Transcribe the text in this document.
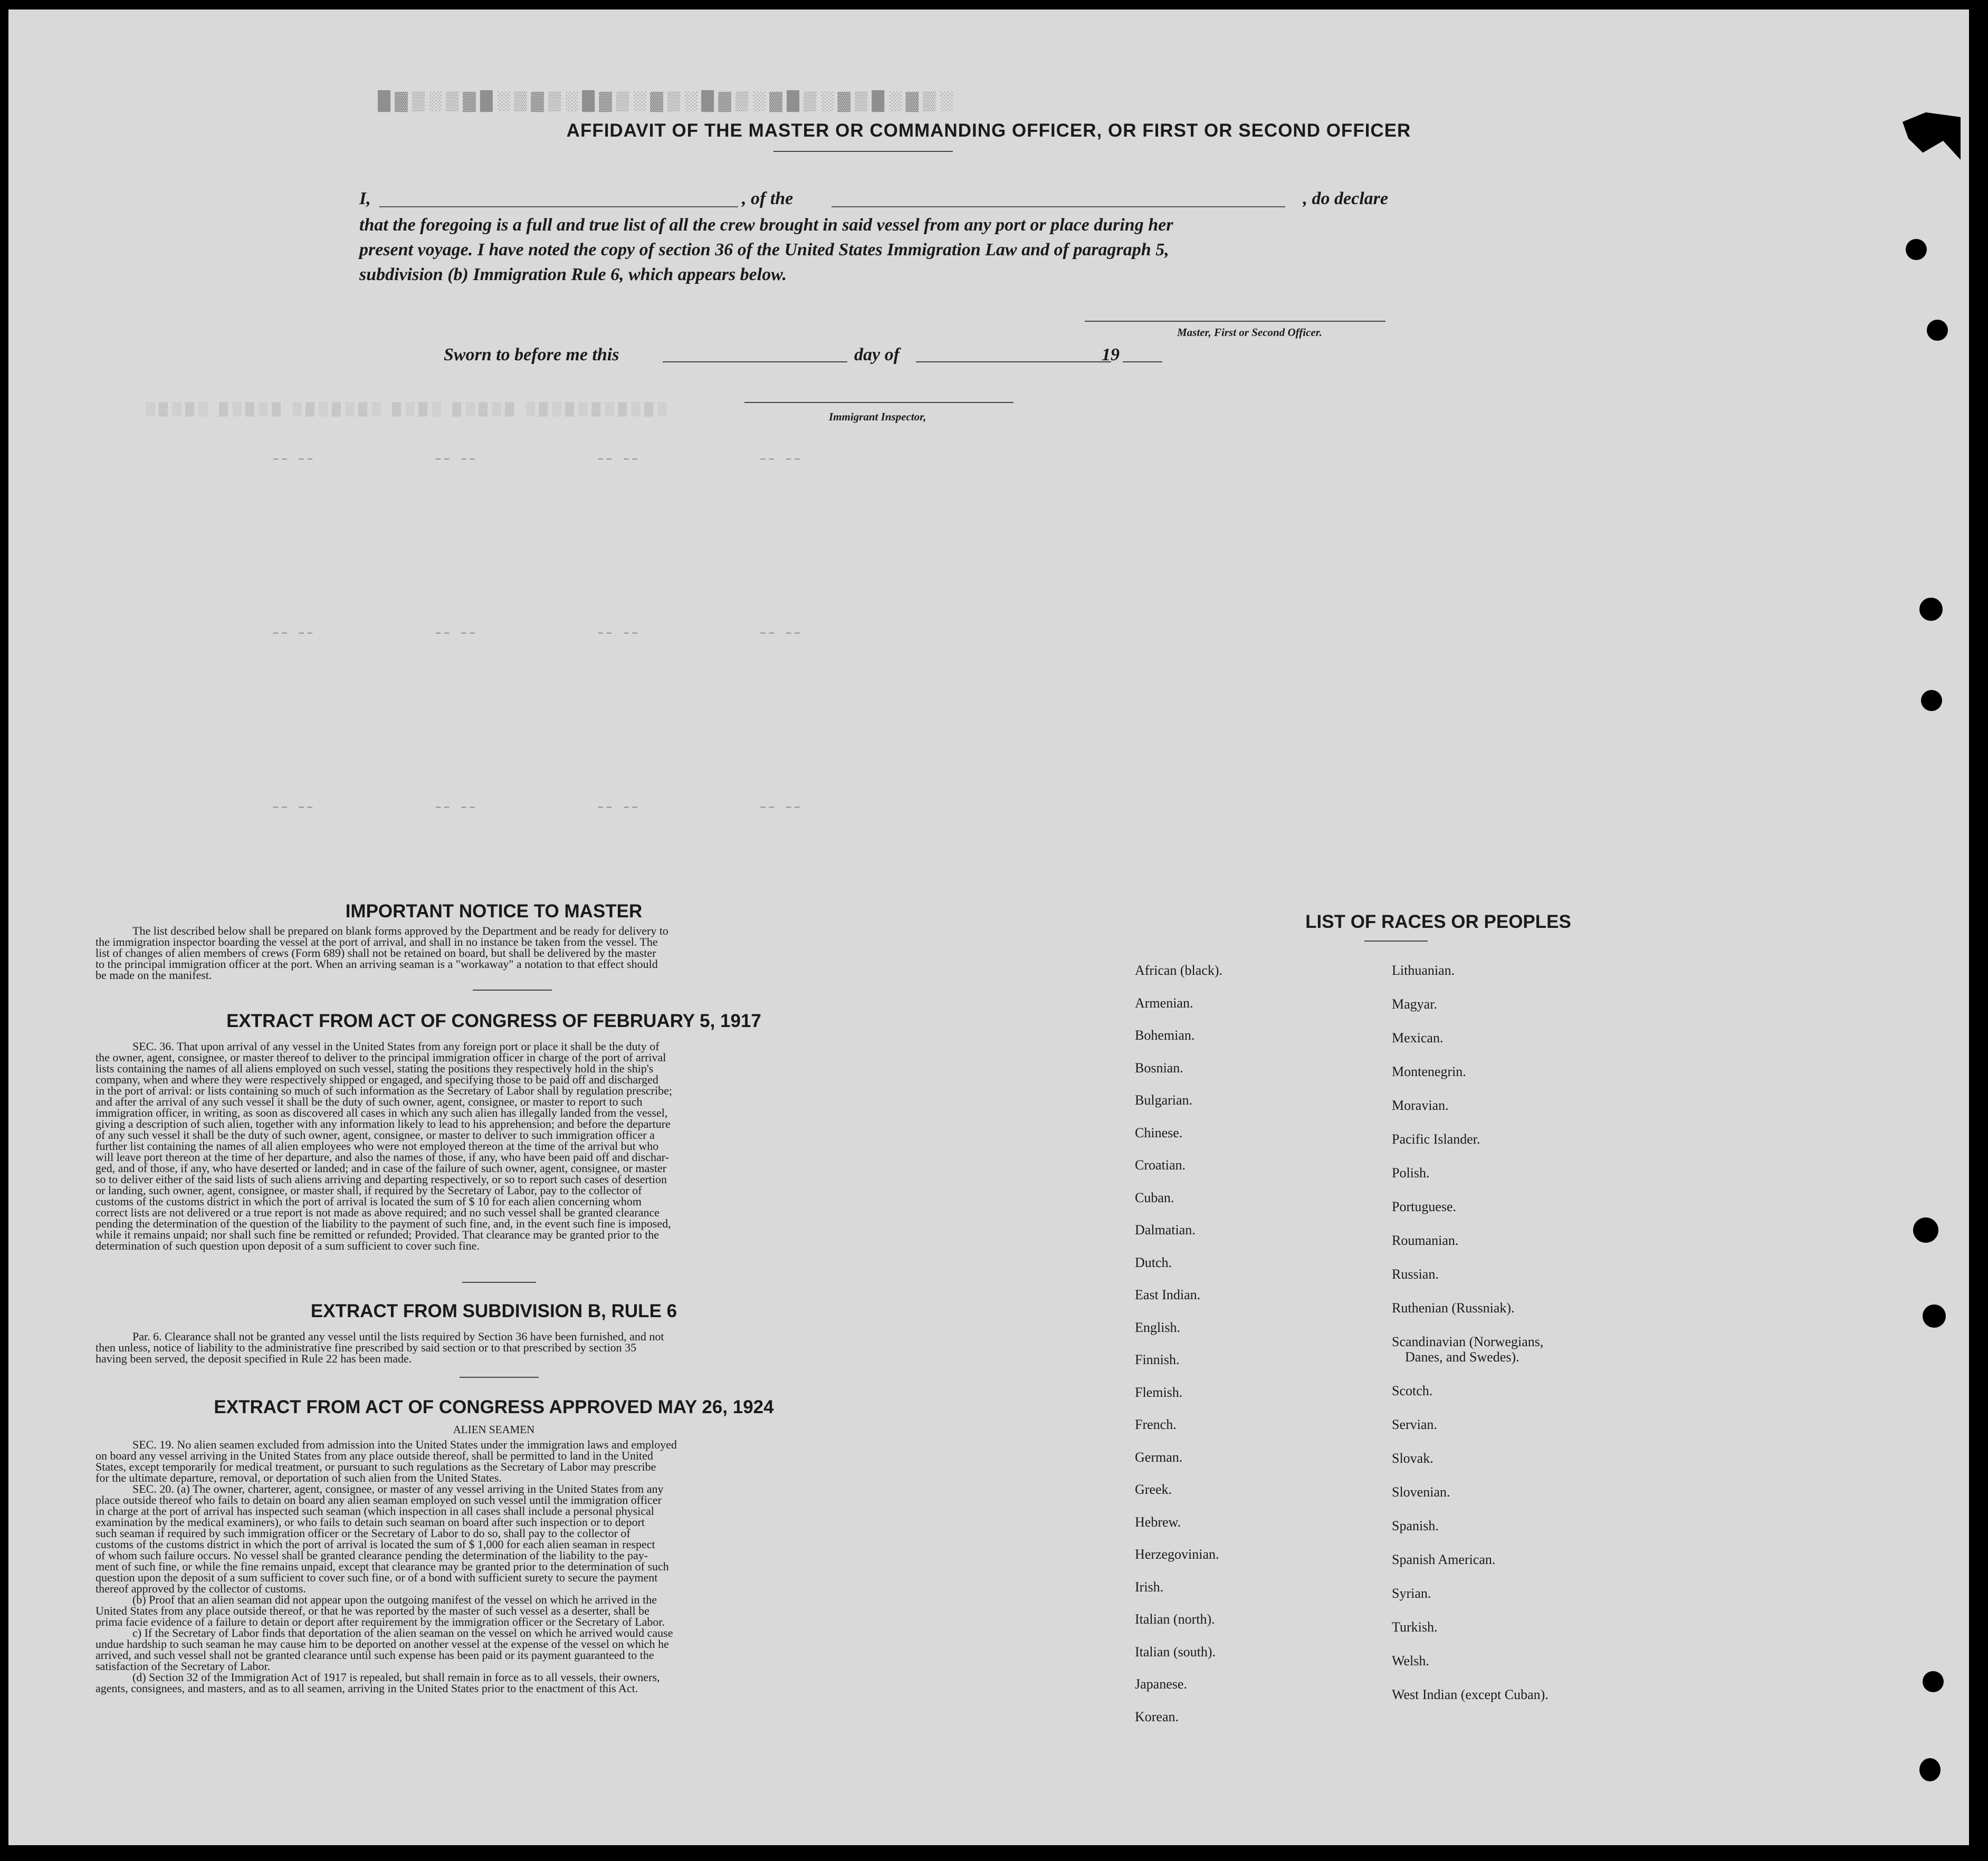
█▓▒░▒▓█░▒▓▒░█▓▒░▓▒░█▓▒░▓█▒░▓▒█░▓▒░
░▒░▒░ ▒░▒░▒ ░▒░▒░▒░ ▒░▒░ ▒░▒░▒ ░▒░▒░▒░▒░▒░
AFFIDAVIT OF THE MASTER OR COMMANDING OFFICER, OR FIRST OR SECOND OFFICER
I,	, of the	, do declare
that the foregoing is a full and true list of all the crew brought in said vessel from any port or place during her
present voyage. I have noted the copy of section 36 of the United States Immigration Law and of paragraph 5,
subdivision (b) Immigration Rule 6, which appears below.
Master, First or Second Officer.
Sworn to before me this	day of	19
Immigrant Inspector,
–– ––              –– ––              –– ––              –– ––
–– ––              –– ––              –– ––              –– ––
–– ––              –– ––              –– ––              –– ––
IMPORTANT NOTICE TO MASTER
The list described below shall be prepared on blank forms approved by the Department and be ready for delivery to
the immigration inspector boarding the vessel at the port of arrival, and shall in no instance be taken from the vessel. The
list of changes of alien members of crews (Form 689) shall not be retained on board, but shall be delivered by the master
to the principal immigration officer at the port. When an arriving seaman is a "workaway" a notation to that effect should
be made on the manifest.
EXTRACT FROM ACT OF CONGRESS OF FEBRUARY 5, 1917
SEC. 36. That upon arrival of any vessel in the United States from any foreign port or place it shall be the duty of
the owner, agent, consignee, or master thereof to deliver to the principal immigration officer in charge of the port of arrival
lists containing the names of all aliens employed on such vessel, stating the positions they respectively hold in the ship's
company, when and where they were respectively shipped or engaged, and specifying those to be paid off and discharged
in the port of arrival: or lists containing so much of such information as the Secretary of Labor shall by regulation prescribe;
and after the arrival of any such vessel it shall be the duty of such owner, agent, consignee, or master to report to such
immigration officer, in writing, as soon as discovered all cases in which any such alien has illegally landed from the vessel,
giving a description of such alien, together with any information likely to lead to his apprehension; and before the departure
of any such vessel it shall be the duty of such owner, agent, consignee, or master to deliver to such immigration officer a
further list containing the names of all alien employees who were not employed thereon at the time of the arrival but who
will leave port thereon at the time of her departure, and also the names of those, if any, who have been paid off and dischar-
ged, and of those, if any, who have deserted or landed; and in case of the failure of such owner, agent, consignee, or master
so to deliver either of the said lists of such aliens arriving and departing respectively, or so to report such cases of desertion
or landing, such owner, agent, consignee, or master shall, if required by the Secretary of Labor, pay to the collector of
customs of the customs district in which the port of arrival is located the sum of $ 10 for each alien concerning whom
correct lists are not delivered or a true report is not made as above required; and no such vessel shall be granted clearance
pending the determination of the question of the liability to the payment of such fine, and, in the event such fine is imposed,
while it remains unpaid; nor shall such fine be remitted or refunded; Provided. That clearance may be granted prior to the
determination of such question upon deposit of a sum sufficient to cover such fine.
EXTRACT FROM SUBDIVISION B, RULE 6
Par. 6. Clearance shall not be granted any vessel until the lists required by Section 36 have been furnished, and not
then unless, notice of liability to the administrative fine prescribed by said section or to that prescribed by section 35
having been served, the deposit specified in Rule 22 has been made.
EXTRACT FROM ACT OF CONGRESS APPROVED MAY 26, 1924
ALIEN SEAMEN
SEC. 19. No alien seamen excluded from admission into the United States under the immigration laws and employed
on board any vessel arriving in the United States from any place outside thereof, shall be permitted to land in the United
States, except temporarily for medical treatment, or pursuant to such regulations as the Secretary of Labor may prescribe
for the ultimate departure, removal, or deportation of such alien from the United States.
SEC. 20. (a) The owner, charterer, agent, consignee, or master of any vessel arriving in the United States from any
place outside thereof who fails to detain on board any alien seaman employed on such vessel until the immigration officer
in charge at the port of arrival has inspected such seaman (which inspection in all cases shall include a personal physical
examination by the medical examiners), or who fails to detain such seaman on board after such inspection or to deport
such seaman if required by such immigration officer or the Secretary of Labor to do so, shall pay to the collector of
customs of the customs district in which the port of arrival is located the sum of $ 1,000 for each alien seaman in respect
of whom such failure occurs. No vessel shall be granted clearance pending the determination of the liability to the pay-
ment of such fine, or while the fine remains unpaid, except that clearance may be granted prior to the determination of such
question upon the deposit of a sum sufficient to cover such fine, or of a bond with sufficient surety to secure the payment
thereof approved by the collector of customs.
(b) Proof that an alien seaman did not appear upon the outgoing manifest of the vessel on which he arrived in the
United States from any place outside thereof, or that he was reported by the master of such vessel as a deserter, shall be
prima facie evidence of a failure to detain or deport after requirement by the immigration officer or the Secretary of Labor.
c) If the Secretary of Labor finds that deportation of the alien seaman on the vessel on which he arrived would cause
undue hardship to such seaman he may cause him to be deported on another vessel at the expense of the vessel on which he
arrived, and such vessel shall not be granted clearance until such expense has been paid or its payment guaranteed to the
satisfaction of the Secretary of Labor.
(d) Section 32 of the Immigration Act of 1917 is repealed, but shall remain in force as to all vessels, their owners,
agents, consignees, and masters, and as to all seamen, arriving in the United States prior to the enactment of this Act.
LIST OF RACES OR PEOPLES
African (black).
Armenian.
Bohemian.
Bosnian.
Bulgarian.
Chinese.
Croatian.
Cuban.
Dalmatian.
Dutch.
East Indian.
English.
Finnish.
Flemish.
French.
German.
Greek.
Hebrew.
Herzegovinian.
Irish.
Italian (north).
Italian (south).
Japanese.
Korean.
Lithuanian.
Magyar.
Mexican.
Montenegrin.
Moravian.
Pacific Islander.
Polish.
Portuguese.
Roumanian.
Russian.
Ruthenian (Russniak).
Scandinavian (Norwegians,
Danes, and Swedes).
Scotch.
Servian.
Slovak.
Slovenian.
Spanish.
Spanish American.
Syrian.
Turkish.
Welsh.
West Indian (except Cuban).
